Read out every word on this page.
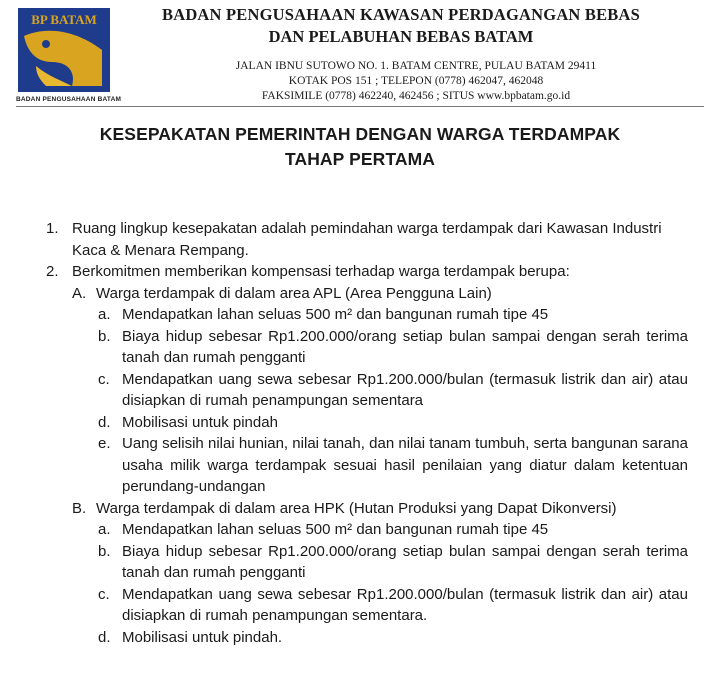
BP BATAM
BADAN PENGUSAHAAN BATAM
BADAN PENGUSAHAAN KAWASAN PERDAGANGAN BEBAS
DAN PELABUHAN BEBAS BATAM
JALAN IBNU SUTOWO NO. 1. BATAM CENTRE, PULAU BATAM 29411
KOTAK POS 151 ; TELEPON (0778) 462047, 462048
FAKSIMILE (0778) 462240, 462456 ; SITUS www.bpbatam.go.id
KESEPAKATAN PEMERINTAH DENGAN WARGA TERDAMPAK
TAHAP PERTAMA
1. Ruang lingkup kesepakatan adalah pemindahan warga terdampak dari Kawasan Industri Kaca & Menara Rempang.
2. Berkomitmen memberikan kompensasi terhadap warga terdampak berupa:
A. Warga terdampak di dalam area APL (Area Pengguna Lain)
a. Mendapatkan lahan seluas 500 m² dan bangunan rumah tipe 45
b. Biaya hidup sebesar Rp1.200.000/orang setiap bulan sampai dengan serah terima tanah dan rumah pengganti
c. Mendapatkan uang sewa sebesar Rp1.200.000/bulan (termasuk listrik dan air) atau disiapkan di rumah penampungan sementara
d. Mobilisasi untuk pindah
e. Uang selisih nilai hunian, nilai tanah, dan nilai tanam tumbuh, serta bangunan sarana usaha milik warga terdampak sesuai hasil penilaian yang diatur dalam ketentuan perundang-undangan
B. Warga terdampak di dalam area HPK (Hutan Produksi yang Dapat Dikonversi)
a. Mendapatkan lahan seluas 500 m² dan bangunan rumah tipe 45
b. Biaya hidup sebesar Rp1.200.000/orang setiap bulan sampai dengan serah terima tanah dan rumah pengganti
c. Mendapatkan uang sewa sebesar Rp1.200.000/bulan (termasuk listrik dan air) atau disiapkan di rumah penampungan sementara.
d. Mobilisasi untuk pindah.
